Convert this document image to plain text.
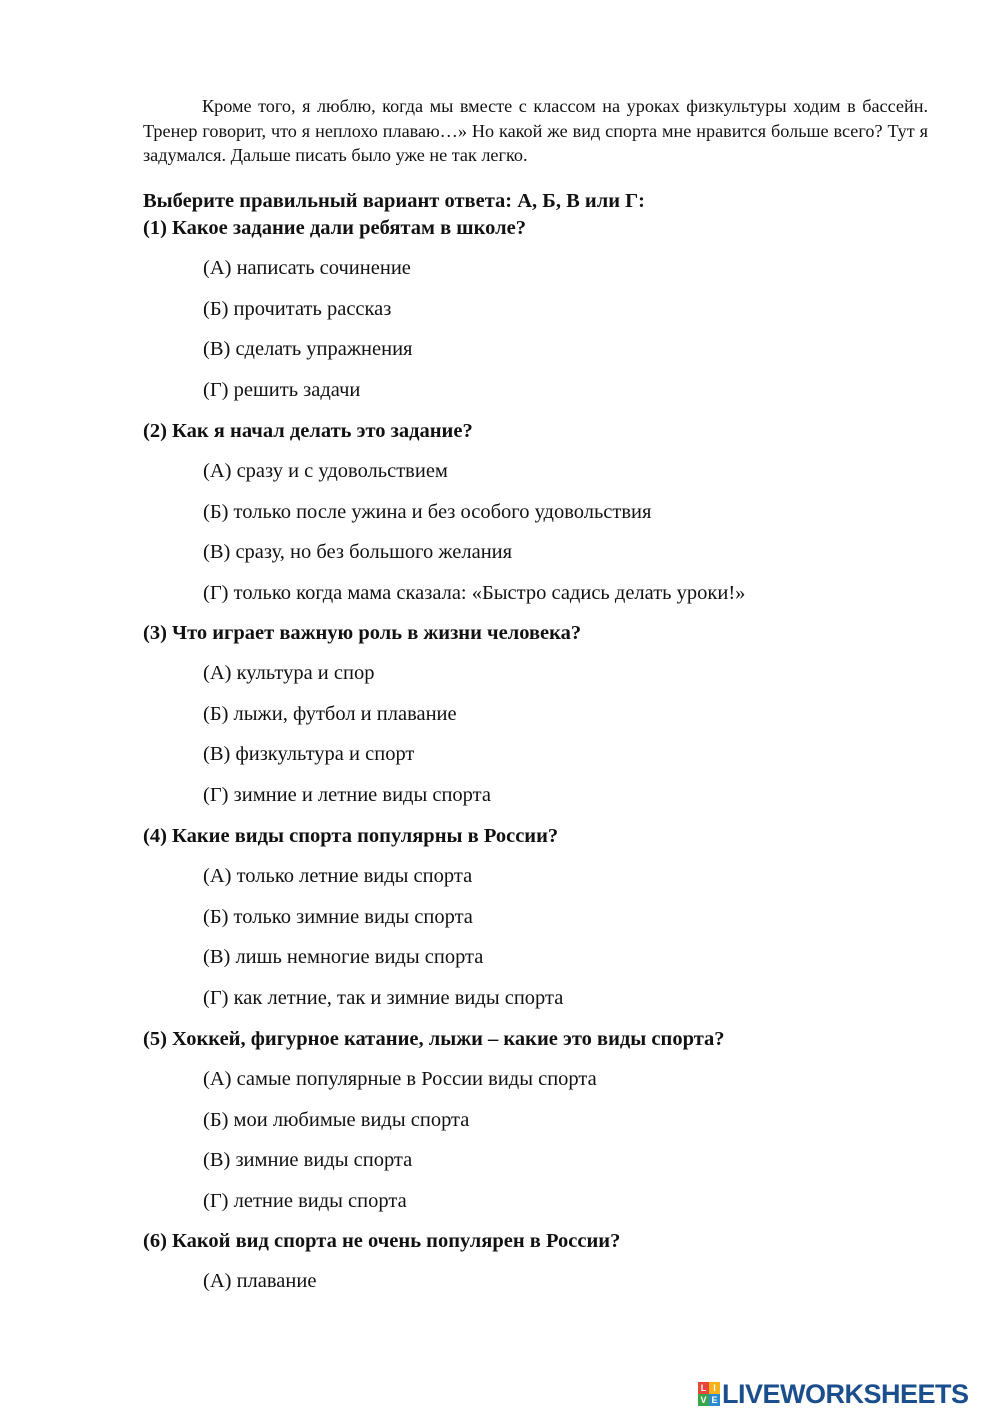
Кроме того, я люблю, когда мы вместе с классом на уроках физкультуры ходим в бассейн. Тренер говорит, что я неплохо плаваю…» Но какой же вид спорта мне нравится больше всего? Тут я задумался. Дальше писать было уже не так легко.

Выберите правильный вариант ответа: А, Б, В или Г:

(1) Какое задание дали ребятам в школе?

(А) написать сочинение
(Б) прочитать рассказ
(В) сделать упражнения
(Г) решить задачи

(2) Как я начал делать это задание?

(А) сразу и с удовольствием
(Б) только после ужина и без особого удовольствия
(В) сразу, но без большого желания
(Г) только когда мама сказала: «Быстро садись делать уроки!»

(3) Что играет важную роль в жизни человека?

(А) культура и спор
(Б) лыжи, футбол и плавание
(В) физкультура и спорт
(Г) зимние и летние виды спорта

(4) Какие виды спорта популярны в России?

(А) только летние виды спорта
(Б) только зимние виды спорта
(В) лишь немногие виды спорта
(Г) как летние, так и зимние виды спорта

(5) Хоккей, фигурное катание, лыжи – какие это виды спорта?

(А) самые популярные в России виды спорта
(Б) мои любимые виды спорта
(В) зимние виды спорта
(Г) летние виды спорта

(6) Какой вид спорта не очень популярен в России?

(А) плавание
L I
V E LIVEWORKSHEETS
